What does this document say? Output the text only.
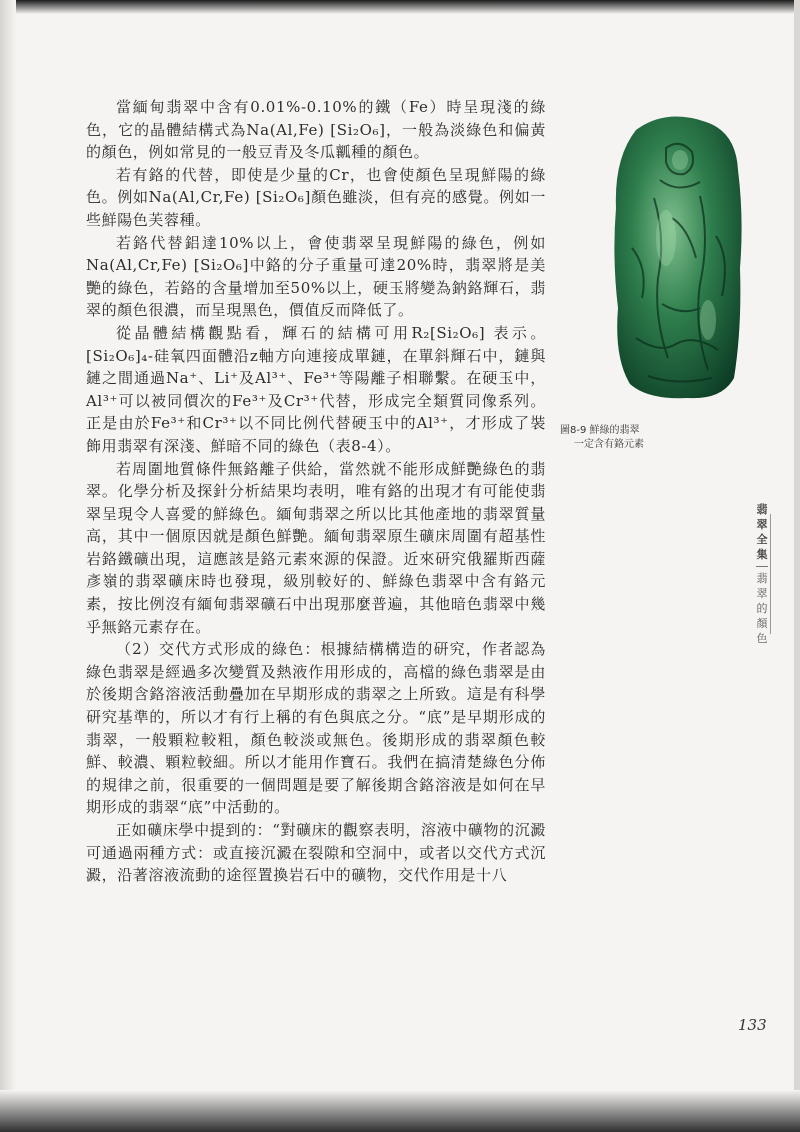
當緬甸翡翠中含有0.01%-0.10%的鐵（Fe）時呈現淺的綠色，它的晶體結構式為Na(Al,Fe) [Si₂O₆]，一般為淡綠色和偏黃的顏色，例如常見的一般豆青及冬瓜瓤種的顏色。

若有鉻的代替，即使是少量的Cr，也會使顏色呈現鮮陽的綠色。例如Na(Al,Cr,Fe) [Si₂O₆]顏色雖淡，但有亮的感覺。例如一些鮮陽色芙蓉種。

若鉻代替鋁達10%以上，會使翡翠呈現鮮陽的綠色，例如Na(Al,Cr,Fe) [Si₂O₆]中鉻的分子重量可達20%時，翡翠將是美艷的綠色，若鉻的含量增加至50%以上，硬玉將變為鈉鉻輝石，翡翠的顏色很濃，而呈現黑色，價值反而降低了。

從晶體結構觀點看，輝石的結構可用R₂[Si₂O₆] 表示。[Si₂O₆]₄-硅氧四面體沿z軸方向連接成單鏈，在單斜輝石中，鏈與鏈之間通過Na⁺、Li⁺及Al³⁺、Fe³⁺等陽離子相聯繫。在硬玉中，Al³⁺可以被同價次的Fe³⁺及Cr³⁺代替，形成完全類質同像系列。正是由於Fe³⁺和Cr³⁺以不同比例代替硬玉中的Al³⁺，才形成了裝飾用翡翠有深淺、鮮暗不同的綠色（表8-4）。

若周圍地質條件無鉻離子供給，當然就不能形成鮮艷綠色的翡翠。化學分析及探針分析結果均表明，唯有鉻的出現才有可能使翡翠呈現令人喜愛的鮮綠色。緬甸翡翠之所以比其他產地的翡翠質量高，其中一個原因就是顏色鮮艷。緬甸翡翠原生礦床周圍有超基性岩鉻鐵礦出現，這應該是鉻元素來源的保證。近來研究俄羅斯西薩彥嶺的翡翠礦床時也發現，級別較好的、鮮綠色翡翠中含有鉻元素，按比例沒有緬甸翡翠礦石中出現那麼普遍，其他暗色翡翠中幾乎無鉻元素存在。

（2）交代方式形成的綠色：根據結構構造的研究，作者認為綠色翡翠是經過多次變質及熱液作用形成的，高檔的綠色翡翠是由於後期含鉻溶液活動疊加在早期形成的翡翠之上所致。這是有科學研究基準的，所以才有行上稱的有色與底之分。“底”是早期形成的翡翠，一般顆粒較粗，顏色較淡或無色。後期形成的翡翠顏色較鮮、較濃、顆粒較細。所以才能用作寶石。我們在搞清楚綠色分佈的規律之前，很重要的一個問題是要了解後期含鉻溶液是如何在早期形成的翡翠“底”中活動的。

正如礦床學中提到的：“對礦床的觀察表明，溶液中礦物的沉澱可通過兩種方式：或直接沉澱在裂隙和空洞中，或者以交代方式沉澱，沿著溶液流動的途徑置換岩石中的礦物，交代作用是十八

圖8-9 鮮綠的翡翠
一定含有鉻元素
翡翠全集
翡翠的顏色
133
